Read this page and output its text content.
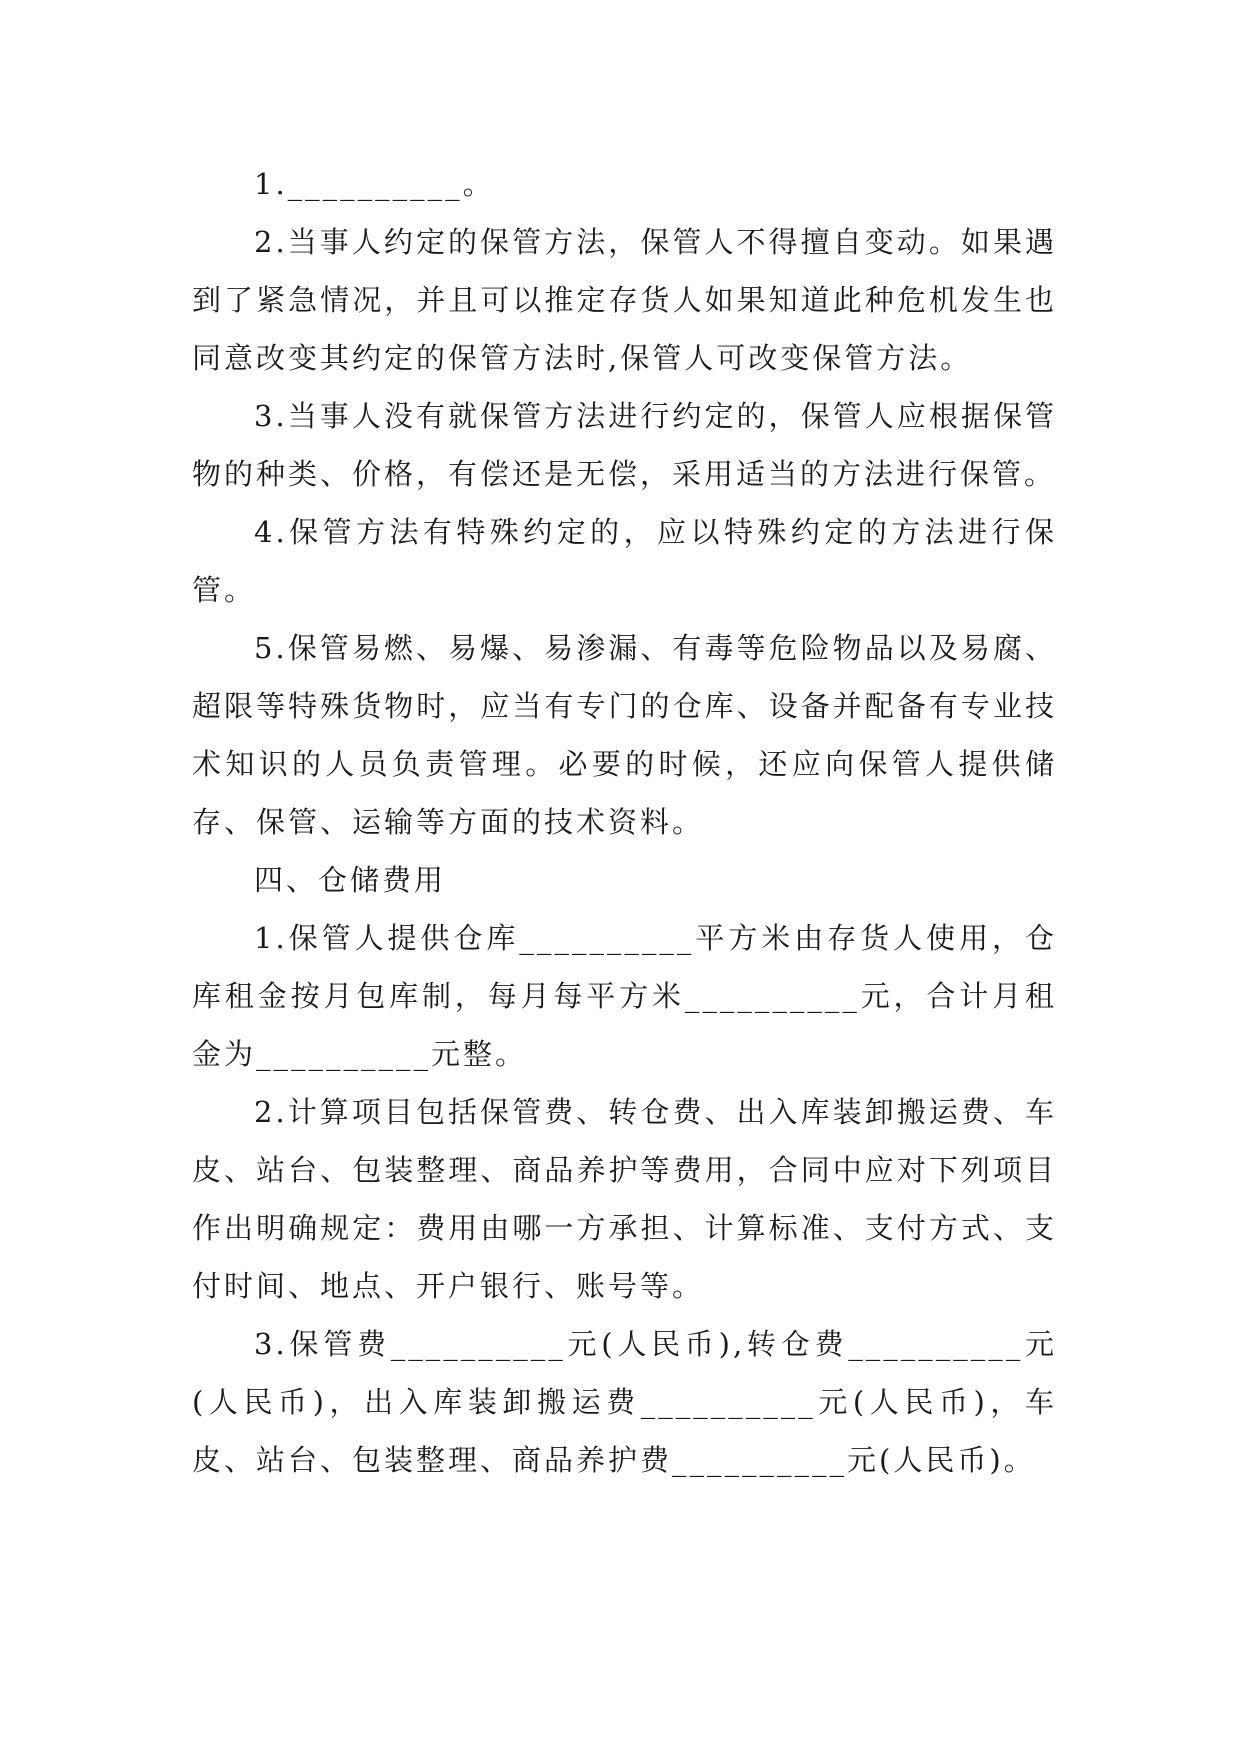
1.__________。

2.当事人约定的保管方法，保管人不得擅自变动。如果遇到了紧急情况，并且可以推定存货人如果知道此种危机发生也同意改变其约定的保管方法时,保管人可改变保管方法。

3.当事人没有就保管方法进行约定的，保管人应根据保管物的种类、价格，有偿还是无偿，采用适当的方法进行保管。

4.保管方法有特殊约定的，应以特殊约定的方法进行保管。

5.保管易燃、易爆、易渗漏、有毒等危险物品以及易腐、超限等特殊货物时，应当有专门的仓库、设备并配备有专业技术知识的人员负责管理。必要的时候，还应向保管人提供储存、保管、运输等方面的技术资料。

四、仓储费用

1.保管人提供仓库__________平方米由存货人使用，仓库租金按月包库制，每月每平方米__________元，合计月租金为__________元整。

2.计算项目包括保管费、转仓费、出入库装卸搬运费、车皮、站台、包装整理、商品养护等费用，合同中应对下列项目作出明确规定：费用由哪一方承担、计算标准、支付方式、支付时间、地点、开户银行、账号等。

3.保管费__________元(人民币),转仓费__________元(人民币)，出入库装卸搬运费__________元(人民币)，车皮、站台、包装整理、商品养护费__________元(人民币)。
